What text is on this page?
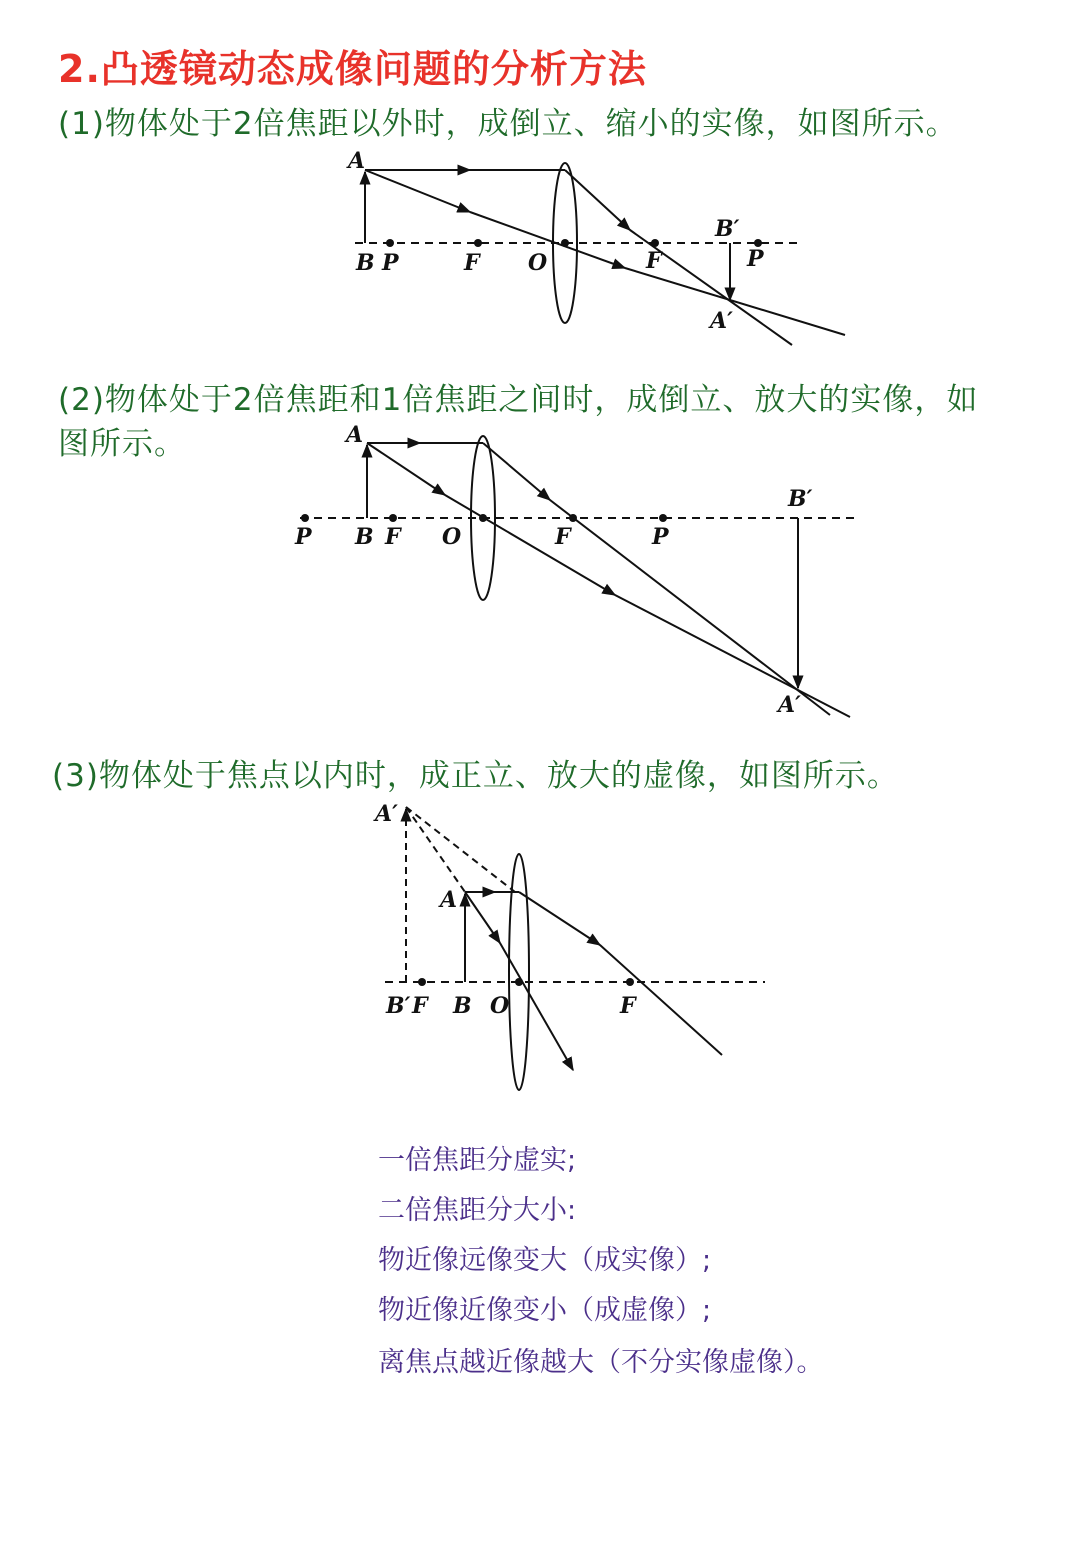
2.凸透镜动态成像问题的分析方法
(1)物体处于2倍焦距以外时，成倒立、缩小的实像，如图所示。
A
B P	F O	F
B′
P
A′
(2)物体处于2倍焦距和1倍焦距之间时，成倒立、放大的实像，如
图所示。	A
P B F O	F	P
B′
A′
(3)物体处于焦点以内时，成正立、放大的虚像，如图所示。
A′
A
B′ F B O	F
一倍焦距分虚实;
二倍焦距分大小:
物近像远像变大（成实像）;
物近像近像变小（成虚像）;
离焦点越近像越大（不分实像虚像）。
